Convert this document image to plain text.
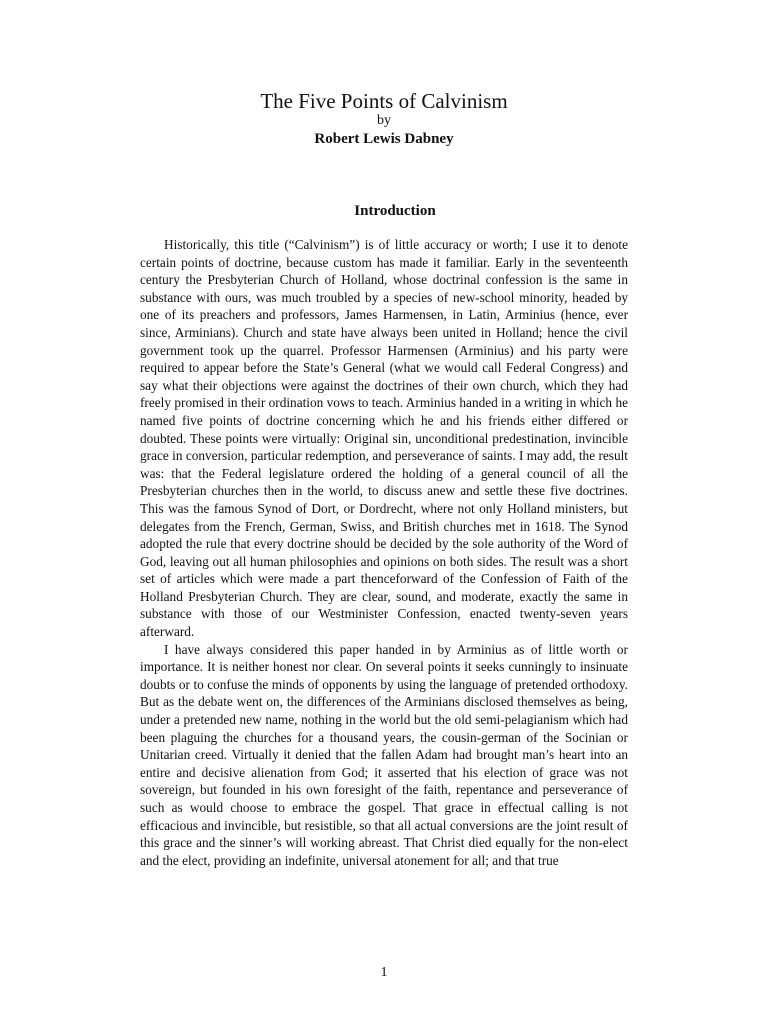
The Five Points of Calvinism
by
Robert Lewis Dabney
Introduction

Historically, this title (“Calvinism”) is of little accuracy or worth; I use it to denote certain points of doctrine, because custom has made it familiar. Early in the seventeenth century the Presbyterian Church of Holland, whose doctrinal confession is the same in substance with ours, was much troubled by a species of new-school minority, headed by one of its preachers and professors, James Harmensen, in Latin, Arminius (hence, ever since, Arminians). Church and state have always been united in Holland; hence the civil government took up the quarrel. Professor Harmensen (Arminius) and his party were required to appear before the State’s General (what we would call Federal Congress) and say what their objections were against the doctrines of their own church, which they had freely promised in their ordination vows to teach. Arminius handed in a writing in which he named five points of doctrine concerning which he and his friends either differed or doubted. These points were virtually: Original sin, unconditional predestination, invincible grace in conversion, particular redemption, and perseverance of saints. I may add, the result was: that the Federal legislature ordered the holding of a general council of all the Presbyterian churches then in the world, to discuss anew and settle these five doctrines. This was the famous Synod of Dort, or Dordrecht, where not only Holland ministers, but delegates from the French, German, Swiss, and British churches met in 1618. The Synod adopted the rule that every doctrine should be decided by the sole authority of the Word of God, leaving out all human philosophies and opinions on both sides. The result was a short set of articles which were made a part thenceforward of the Confession of Faith of the Holland Presbyterian Church. They are clear, sound, and moderate, exactly the same in substance with those of our Westminister Confession, enacted twenty-seven years afterward.

I have always considered this paper handed in by Arminius as of little worth or importance. It is neither honest nor clear. On several points it seeks cunningly to insinuate doubts or to confuse the minds of opponents by using the language of pretended orthodoxy. But as the debate went on, the differences of the Arminians disclosed themselves as being, under a pretended new name, nothing in the world but the old semi-pelagianism which had been plaguing the churches for a thousand years, the cousin-german of the Socinian or Unitarian creed. Virtually it denied that the fallen Adam had brought man’s heart into an entire and decisive alienation from God; it asserted that his election of grace was not sovereign, but founded in his own foresight of the faith, repentance and perseverance of such as would choose to embrace the gospel. That grace in effectual calling is not efficacious and invincible, but resistible, so that all actual conversions are the joint result of this grace and the sinner’s will working abreast. That Christ died equally for the non-elect and the elect, providing an indefinite, universal atonement for all; and that true

1
